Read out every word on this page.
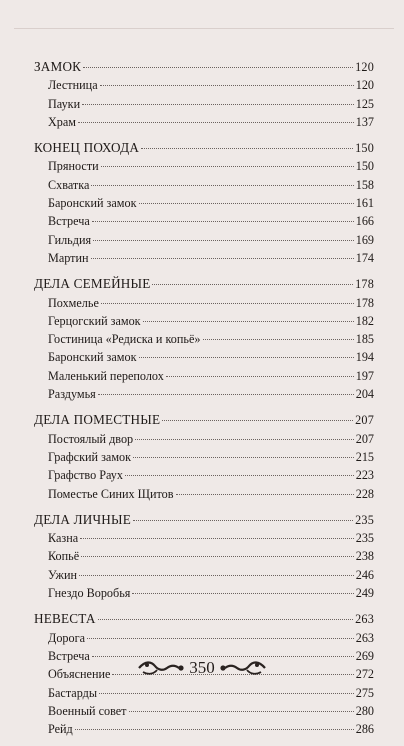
ЗАМОК	120
Лестница	120
Пауки	125
Храм	137
КОНЕЦ ПОХОДА	150
Пряности	150
Схватка	158
Баронский замок	161
Встреча	166
Гильдия	169
Мартин	174
ДЕЛА СЕМЕЙНЫЕ	178
Похмелье	178
Герцогский замок	182
Гостиница «Редиска и копьё»	185
Баронский замок	194
Маленький переполох	197
Раздумья	204
ДЕЛА ПОМЕСТНЫЕ	207
Постоялый двор	207
Графский замок	215
Графство Раух	223
Поместье Синих Щитов	228
ДЕЛА ЛИЧНЫЕ	235
Казна	235
Копьё	238
Ужин	246
Гнездо Воробья	249
НЕВЕСТА	263
Дорога	263
Встреча	269
Объяснение	272
Бастарды	275
Военный совет	280
Рейд	286
350
